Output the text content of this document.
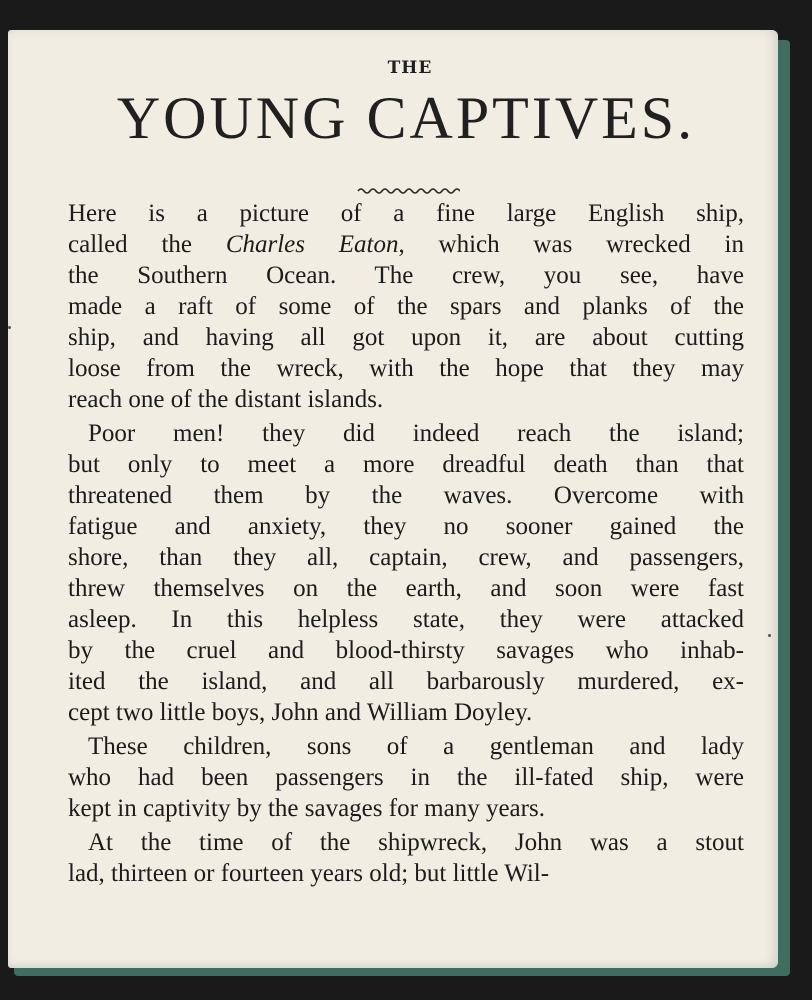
THE
YOUNG CAPTIVES.
Here is a picture of a fine large English ship,
called the Charles Eaton, which was wrecked in
the Southern Ocean. The crew, you see, have
made a raft of some of the spars and planks of the
ship, and having all got upon it, are about cutting
loose from the wreck, with the hope that they may
reach one of the distant islands.
Poor men! they did indeed reach the island;
but only to meet a more dreadful death than that
threatened them by the waves. Overcome with
fatigue and anxiety, they no sooner gained the
shore, than they all, captain, crew, and passengers,
threw themselves on the earth, and soon were fast
asleep. In this helpless state, they were attacked
by the cruel and blood-thirsty savages who inhab-
ited the island, and all barbarously murdered, ex-
cept two little boys, John and William Doyley.
These children, sons of a gentleman and lady
who had been passengers in the ill-fated ship, were
kept in captivity by the savages for many years.
At the time of the shipwreck, John was a stout
lad, thirteen or fourteen years old; but little Wil-
